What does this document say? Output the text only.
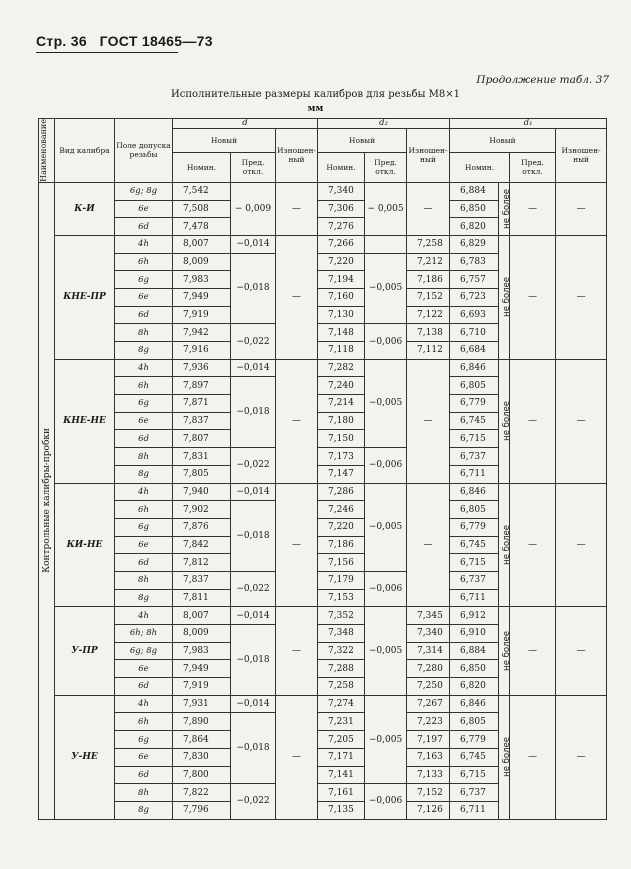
Стр. 36 ГОСТ 18465—73
Продолжение табл. 37
Исполнительные размеры калибров для резьбы M8×1
мм
Наименование	Вид калибра	Поле допуска резьбы	d			d₂			d₁			
			Новый		Изношен-ный	Новый		Изношен-ный	Новый			Изношен-ный
			Номин.	Пред. откл.		Номин.	Пред. откл.		Номин.		Пред. откл.	

Контрольные калибры-пробки	К-И	6g; 8g	7,542	− 0,009	—	7,340	− 0,005	—	6,884	не более	—	—
		6e	7,508			7,306			6,850			
		6d	7,478			7,276			6,820			
	КНЕ-ПР	4h	8,007	−0,014	—	7,266		7,258	6,829	не более	—	—
		6h	8,009	−0,018		7,220	−0,005	7,212	6,783			
		6g	7,983			7,194		7,186	6,757			
		6e	7,949			7,160		7,152	6,723			
		6d	7,919			7,130		7,122	6,693			
		8h	7,942	−0,022		7,148	−0,006	7,138	6,710			
		8g	7,916			7,118		7,112	6,684			
	КНЕ-НЕ	4h	7,936	−0,014	—	7,282	−0,005	—	6,846	не более	—	—
		6h	7,897	−0,018		7,240			6,805			
		6g	7,871			7,214			6,779			
		6e	7,837			7,180			6,745			
		6d	7,807			7,150			6,715			
		8h	7,831	−0,022		7,173	−0,006		6,737			
		8g	7,805			7,147			6,711			
	КИ-НЕ	4h	7,940	−0,014	—	7,286	−0,005	—	6,846	не более	—	—
		6h	7,902	−0,018		7,246			6,805			
		6g	7,876			7,220			6,779			
		6e	7,842			7,186			6,745			
		6d	7,812			7,156			6,715			
		8h	7,837	−0,022		7,179	−0,006		6,737			
		8g	7,811			7,153			6,711			
	У-ПР	4h	8,007	−0,014	—	7,352	−0,005	7,345	6,912	не более	—	—
		6h; 8h	8,009	−0,018		7,348		7,340	6,910			
		6g; 8g	7,983			7,322		7,314	6,884			
		6e	7,949			7,288		7,280	6,850			
		6d	7,919			7,258		7,250	6,820			
	У-НЕ	4h	7,931	−0,014	—	7,274	−0,005	7,267	6,846	не более	—	—
		6h	7,890	−0,018		7,231		7,223	6,805			
		6g	7,864			7,205		7,197	6,779			
		6e	7,830			7,171		7,163	6,745			
		6d	7,800			7,141		7,133	6,715			
		8h	7,822	−0,022		7,161	−0,006	7,152	6,737			
		8g	7,796			7,135		7,126	6,711			
